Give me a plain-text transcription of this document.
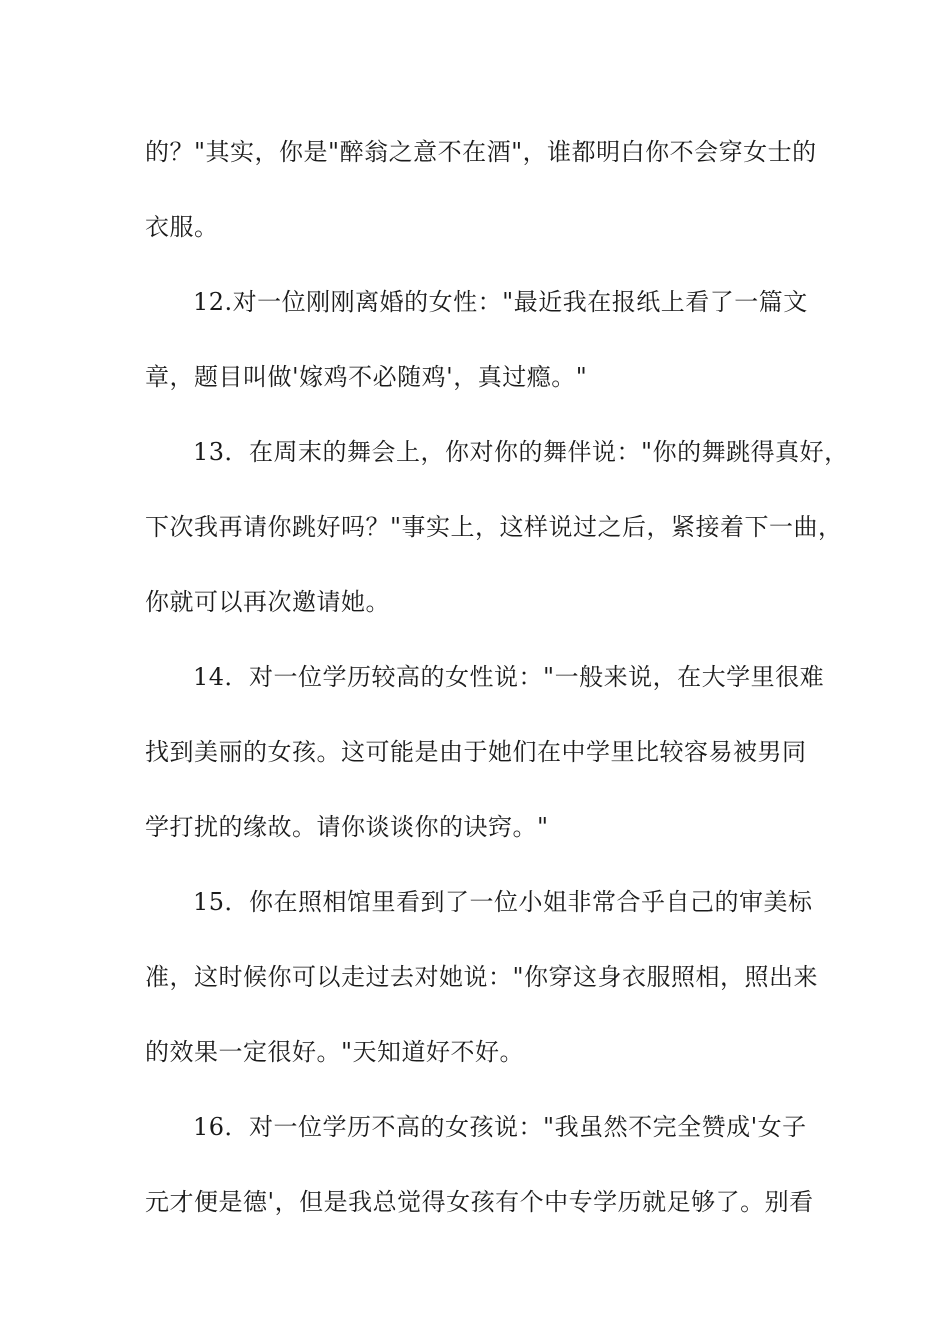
的？"其实，你是"醉翁之意不在酒"，谁都明白你不会穿女士的
衣服。
12.对一位刚刚离婚的女性："最近我在报纸上看了一篇文
章，题目叫做'嫁鸡不必随鸡'，真过瘾。"
13．在周末的舞会上，你对你的舞伴说："你的舞跳得真好，
下次我再请你跳好吗？"事实上，这样说过之后，紧接着下一曲，
你就可以再次邀请她。
14．对一位学历较高的女性说："一般来说，在大学里很难
找到美丽的女孩。这可能是由于她们在中学里比较容易被男同
学打扰的缘故。请你谈谈你的诀窍。"
15．你在照相馆里看到了一位小姐非常合乎自己的审美标
准，这时候你可以走过去对她说："你穿这身衣服照相，照出来
的效果一定很好。"天知道好不好。
16．对一位学历不高的女孩说："我虽然不完全赞成'女子
元才便是德'，但是我总觉得女孩有个中专学历就足够了。别看
